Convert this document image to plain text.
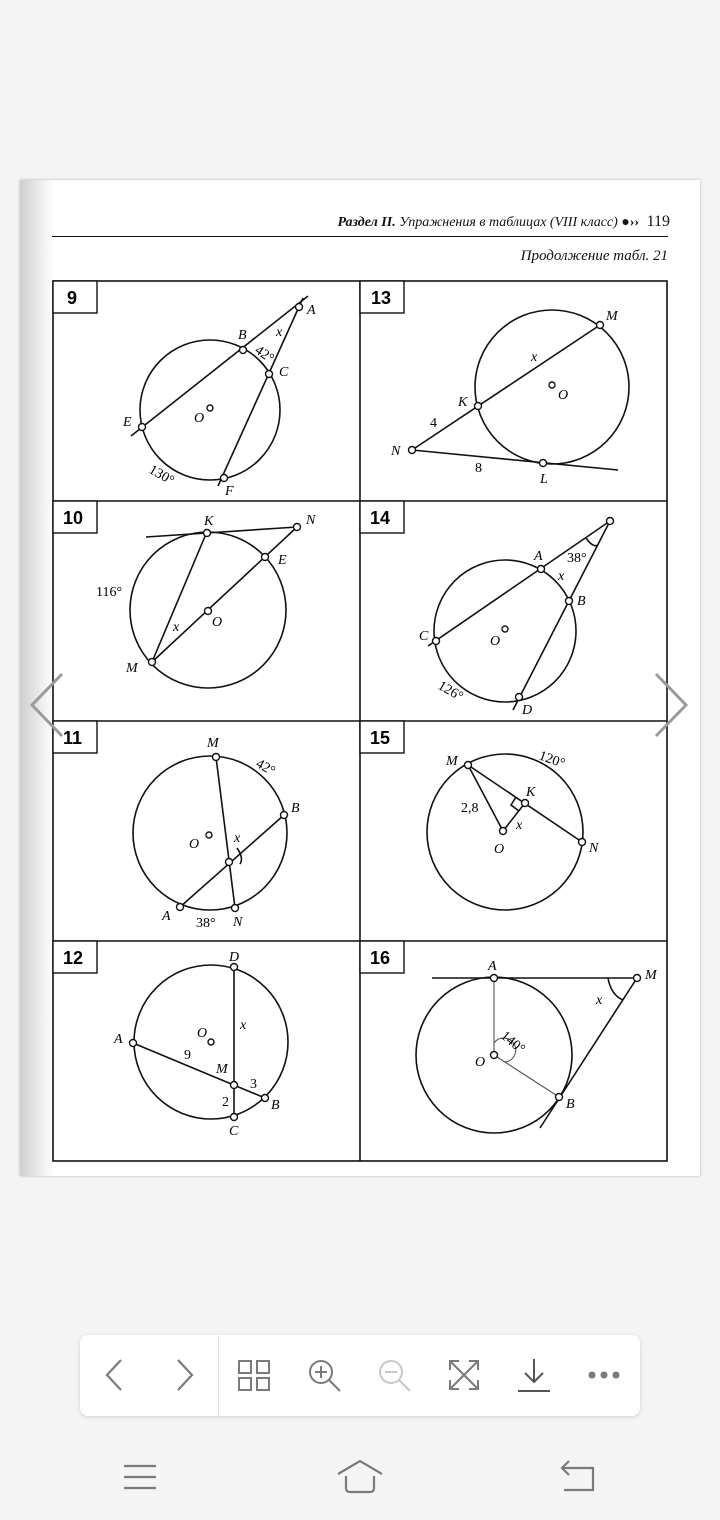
Раздел II. Упражнения в таблицах (VIII класс) ●›› 119
Продолжение табл. 21
9
A
B
C
E
F
O
x
42°
130°
13
M
K	O
N
L
x
4
8
10	K	N
E
O
M
x
116°
14
A
B
C	O
D
x
38°
126°
11	M
B
O
A	N
x
42°
38°
15
M
K
O	N
x
120°
2,8
12	D
A	O
M
B
C
x
9
3
2
16	A
M
O
B
x
140°
